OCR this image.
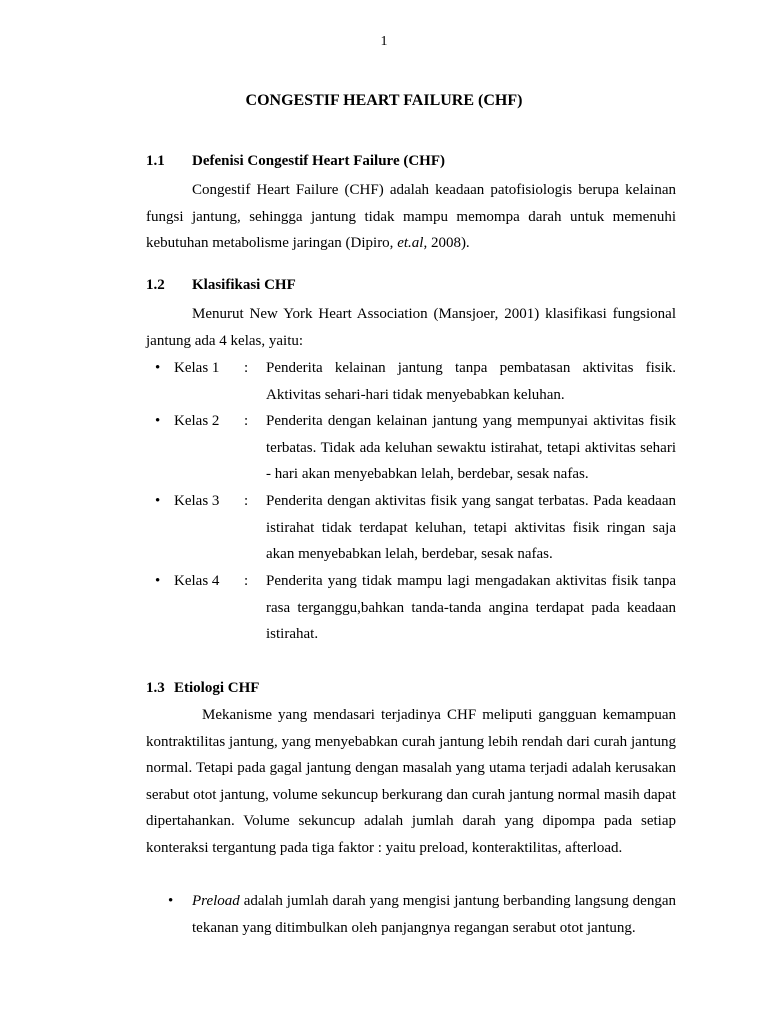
1
CONGESTIF HEART FAILURE (CHF)
1.1	Defenisi Congestif Heart Failure (CHF)
Congestif Heart Failure (CHF) adalah keadaan patofisiologis berupa kelainan fungsi jantung, sehingga jantung tidak mampu memompa darah untuk memenuhi kebutuhan metabolisme jaringan (Dipiro, et.al, 2008).
1.2	Klasifikasi CHF
Menurut New York Heart Association (Mansjoer, 2001) klasifikasi fungsional jantung ada 4 kelas, yaitu:
• Kelas 1	:	Penderita kelainan jantung tanpa pembatasan aktivitas fisik. Aktivitas sehari-hari tidak menyebabkan keluhan.
• Kelas 2	:	Penderita dengan kelainan jantung yang mempunyai aktivitas fisik terbatas. Tidak ada keluhan sewaktu istirahat, tetapi aktivitas sehari - hari akan menyebabkan lelah, berdebar, sesak nafas.
• Kelas 3	:	Penderita dengan aktivitas fisik yang sangat terbatas. Pada keadaan istirahat tidak terdapat keluhan, tetapi aktivitas fisik ringan saja akan menyebabkan lelah, berdebar, sesak nafas.
• Kelas 4	:	Penderita yang tidak mampu lagi mengadakan aktivitas fisik tanpa rasa terganggu,bahkan tanda-tanda angina terdapat pada keadaan istirahat.
1.3 Etiologi CHF
Mekanisme yang mendasari terjadinya CHF meliputi gangguan kemampuan kontraktilitas jantung, yang menyebabkan curah jantung lebih rendah dari curah jantung normal. Tetapi pada gagal jantung dengan masalah yang utama terjadi adalah kerusakan serabut otot jantung, volume sekuncup berkurang dan curah jantung normal masih dapat dipertahankan. Volume sekuncup adalah jumlah darah yang dipompa pada setiap konteraksi tergantung pada tiga faktor : yaitu preload, konteraktilitas, afterload.
•	Preload adalah jumlah darah yang mengisi jantung berbanding langsung dengan tekanan yang ditimbulkan oleh panjangnya regangan serabut otot jantung.
